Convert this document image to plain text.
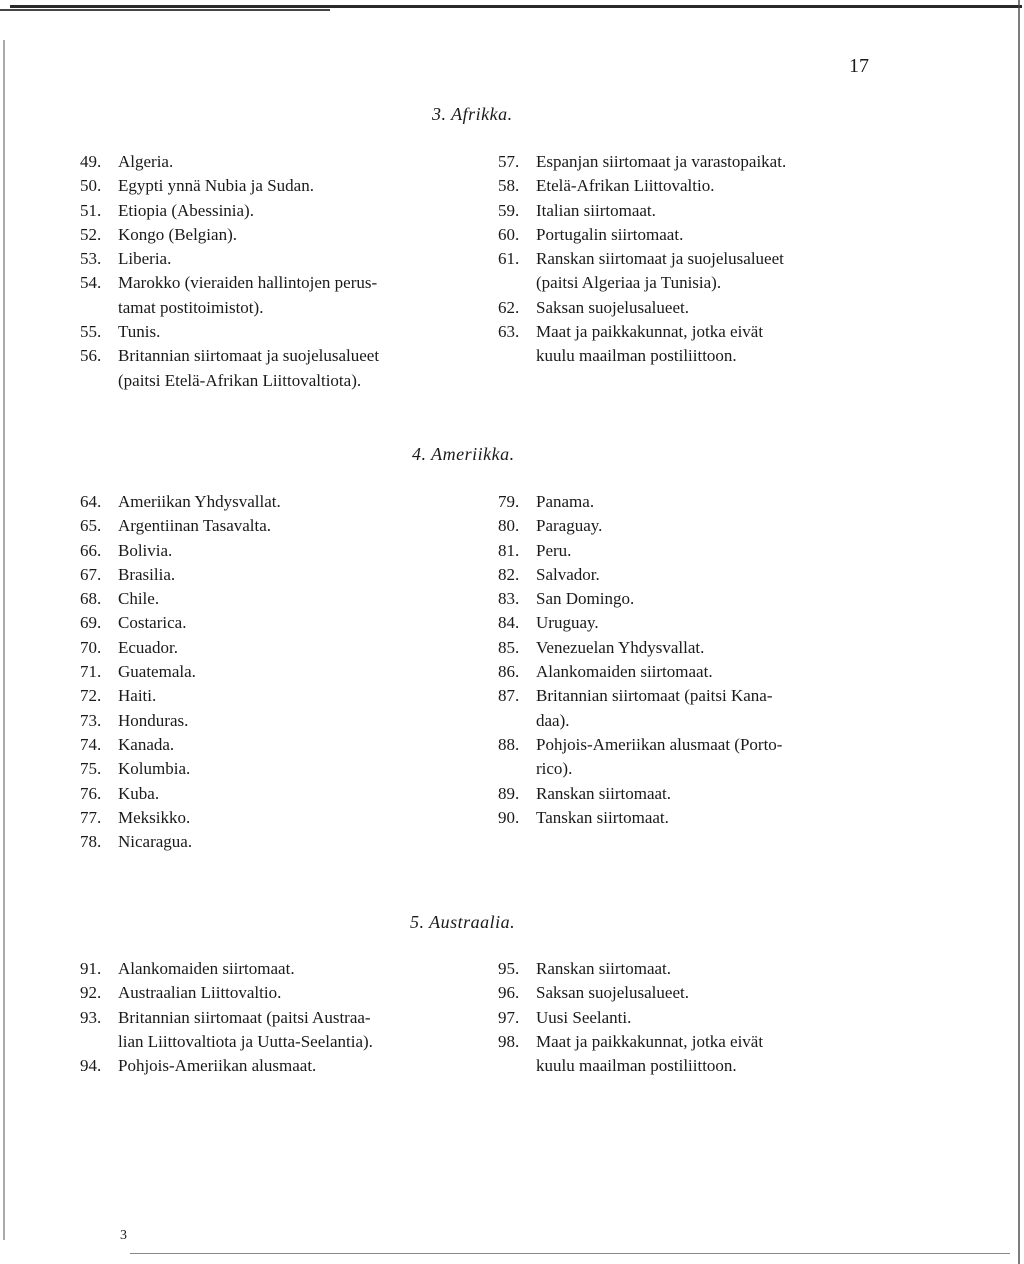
17
3. Afrikka.
49. Algeria.
50. Egypti ynnä Nubia ja Sudan.
51. Etiopia (Abessinia).
52. Kongo (Belgian).
53. Liberia.
54. Marokko (vieraiden hallintojen perus-
tamat postitoimistot).
55. Tunis.
56. Britannian siirtomaat ja suojelusalueet
(paitsi Etelä-Afrikan Liittovaltiota).
57. Espanjan siirtomaat ja varastopaikat.
58. Etelä-Afrikan Liittovaltio.
59. Italian siirtomaat.
60. Portugalin siirtomaat.
61. Ranskan siirtomaat ja suojelusalueet
(paitsi Algeriaa ja Tunisia).
62. Saksan suojelusalueet.
63. Maat ja paikkakunnat, jotka eivät
kuulu maailman postiliittoon.
4. Ameriikka.
64. Ameriikan Yhdysvallat.
65. Argentiinan Tasavalta.
66. Bolivia.
67. Brasilia.
68. Chile.
69. Costarica.
70. Ecuador.
71. Guatemala.
72. Haiti.
73. Honduras.
74. Kanada.
75. Kolumbia.
76. Kuba.
77. Meksikko.
78. Nicaragua.
79. Panama.
80. Paraguay.
81. Peru.
82. Salvador.
83. San Domingo.
84. Uruguay.
85. Venezuelan Yhdysvallat.
86. Alankomaiden siirtomaat.
87. Britannian siirtomaat (paitsi Kana-
daa).
88. Pohjois-Ameriikan alusmaat (Porto-
rico).
89. Ranskan siirtomaat.
90. Tanskan siirtomaat.
5. Austraalia.
91. Alankomaiden siirtomaat.
92. Austraalian Liittovaltio.
93. Britannian siirtomaat (paitsi Austraa-
lian Liittovaltiota ja Uutta-Seelantia).
94. Pohjois-Ameriikan alusmaat.
95. Ranskan siirtomaat.
96. Saksan suojelusalueet.
97. Uusi Seelanti.
98. Maat ja paikkakunnat, jotka eivät
kuulu maailman postiliittoon.
3
